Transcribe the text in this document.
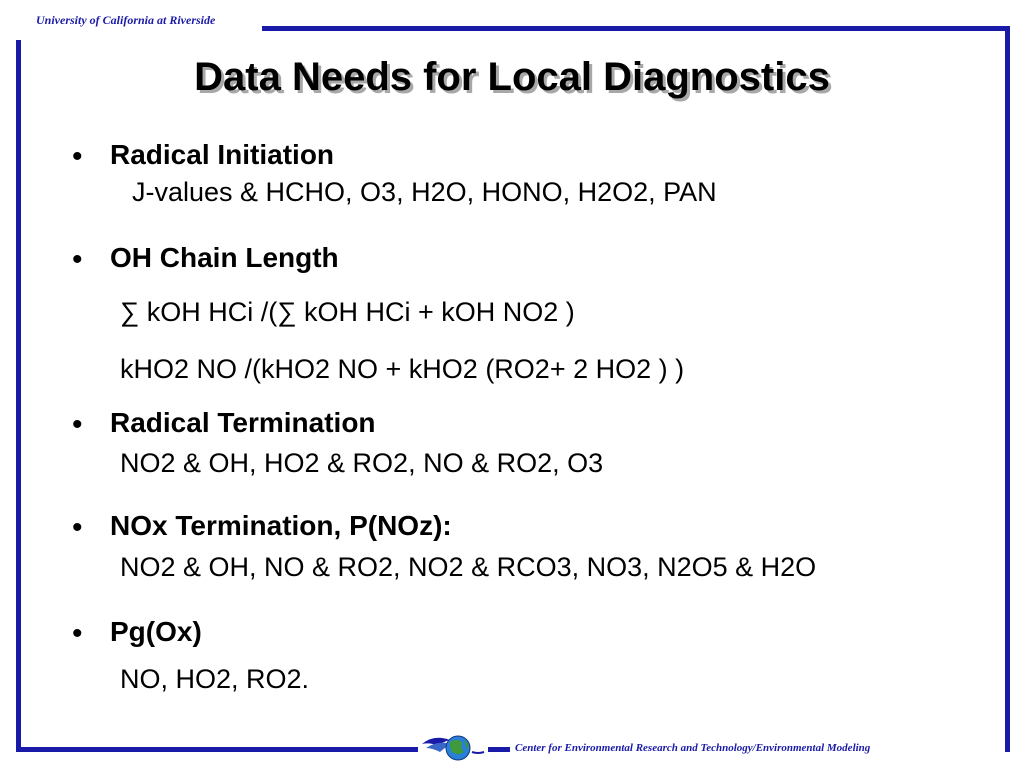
University of California at Riverside
Center for Environmental Research and Technology/Environmental Modeling
Data Needs for Local Diagnostics
• Radical Initiation
J-values & HCHO, O3, H2O, HONO, H2O2, PAN
• OH Chain Length
∑ kOH HCi /(∑ kOH HCi + kOH NO2 )
kHO2 NO /(kHO2 NO + kHO2 (RO2+ 2 HO2 ) )
• Radical Termination
NO2 & OH, HO2 & RO2, NO & RO2, O3
• NOx Termination, P(NOz):
NO2 & OH, NO & RO2, NO2 & RCO3, NO3, N2O5 & H2O
• Pg(Ox)
NO, HO2, RO2.
